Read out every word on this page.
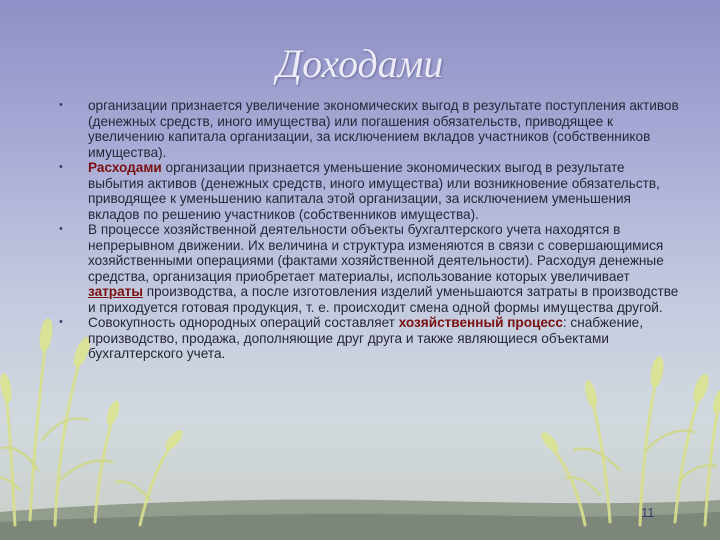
Доходами
•	организации признается увеличение экономических выгод в результате поступления активов (денежных средств, иного имущества) или погашения обязательств, приводящее к увеличению капитала организации, за исключением вкладов участников (собственников имущества).
•	Расходами организации признается уменьшение экономических выгод в результате выбытия активов (денежных средств, иного имущества) или возникновение обязательств, приводящее к уменьшению капитала этой организации, за исключением уменьшения вкладов по решению участников (собственников имущества).
•	В процессе хозяйственной деятельности объекты бухгалтерского учета находятся в непрерывном движении. Их величина и структура изменяются в связи с совершающимися хозяйственными операциями (фактами хозяйственной деятельности). Расходуя денежные средства, организация приобретает материалы, использование которых увеличивает затраты производства, а после изготовления изделий уменьшаются затраты в производстве и приходуется готовая продукция, т. е. происходит смена одной формы имущества другой.
•	Совокупность однородных операций составляет хозяйственный процесс: снабжение, производство, продажа, дополняющие друг друга и также являющиеся объектами бухгалтерского учета.
11
